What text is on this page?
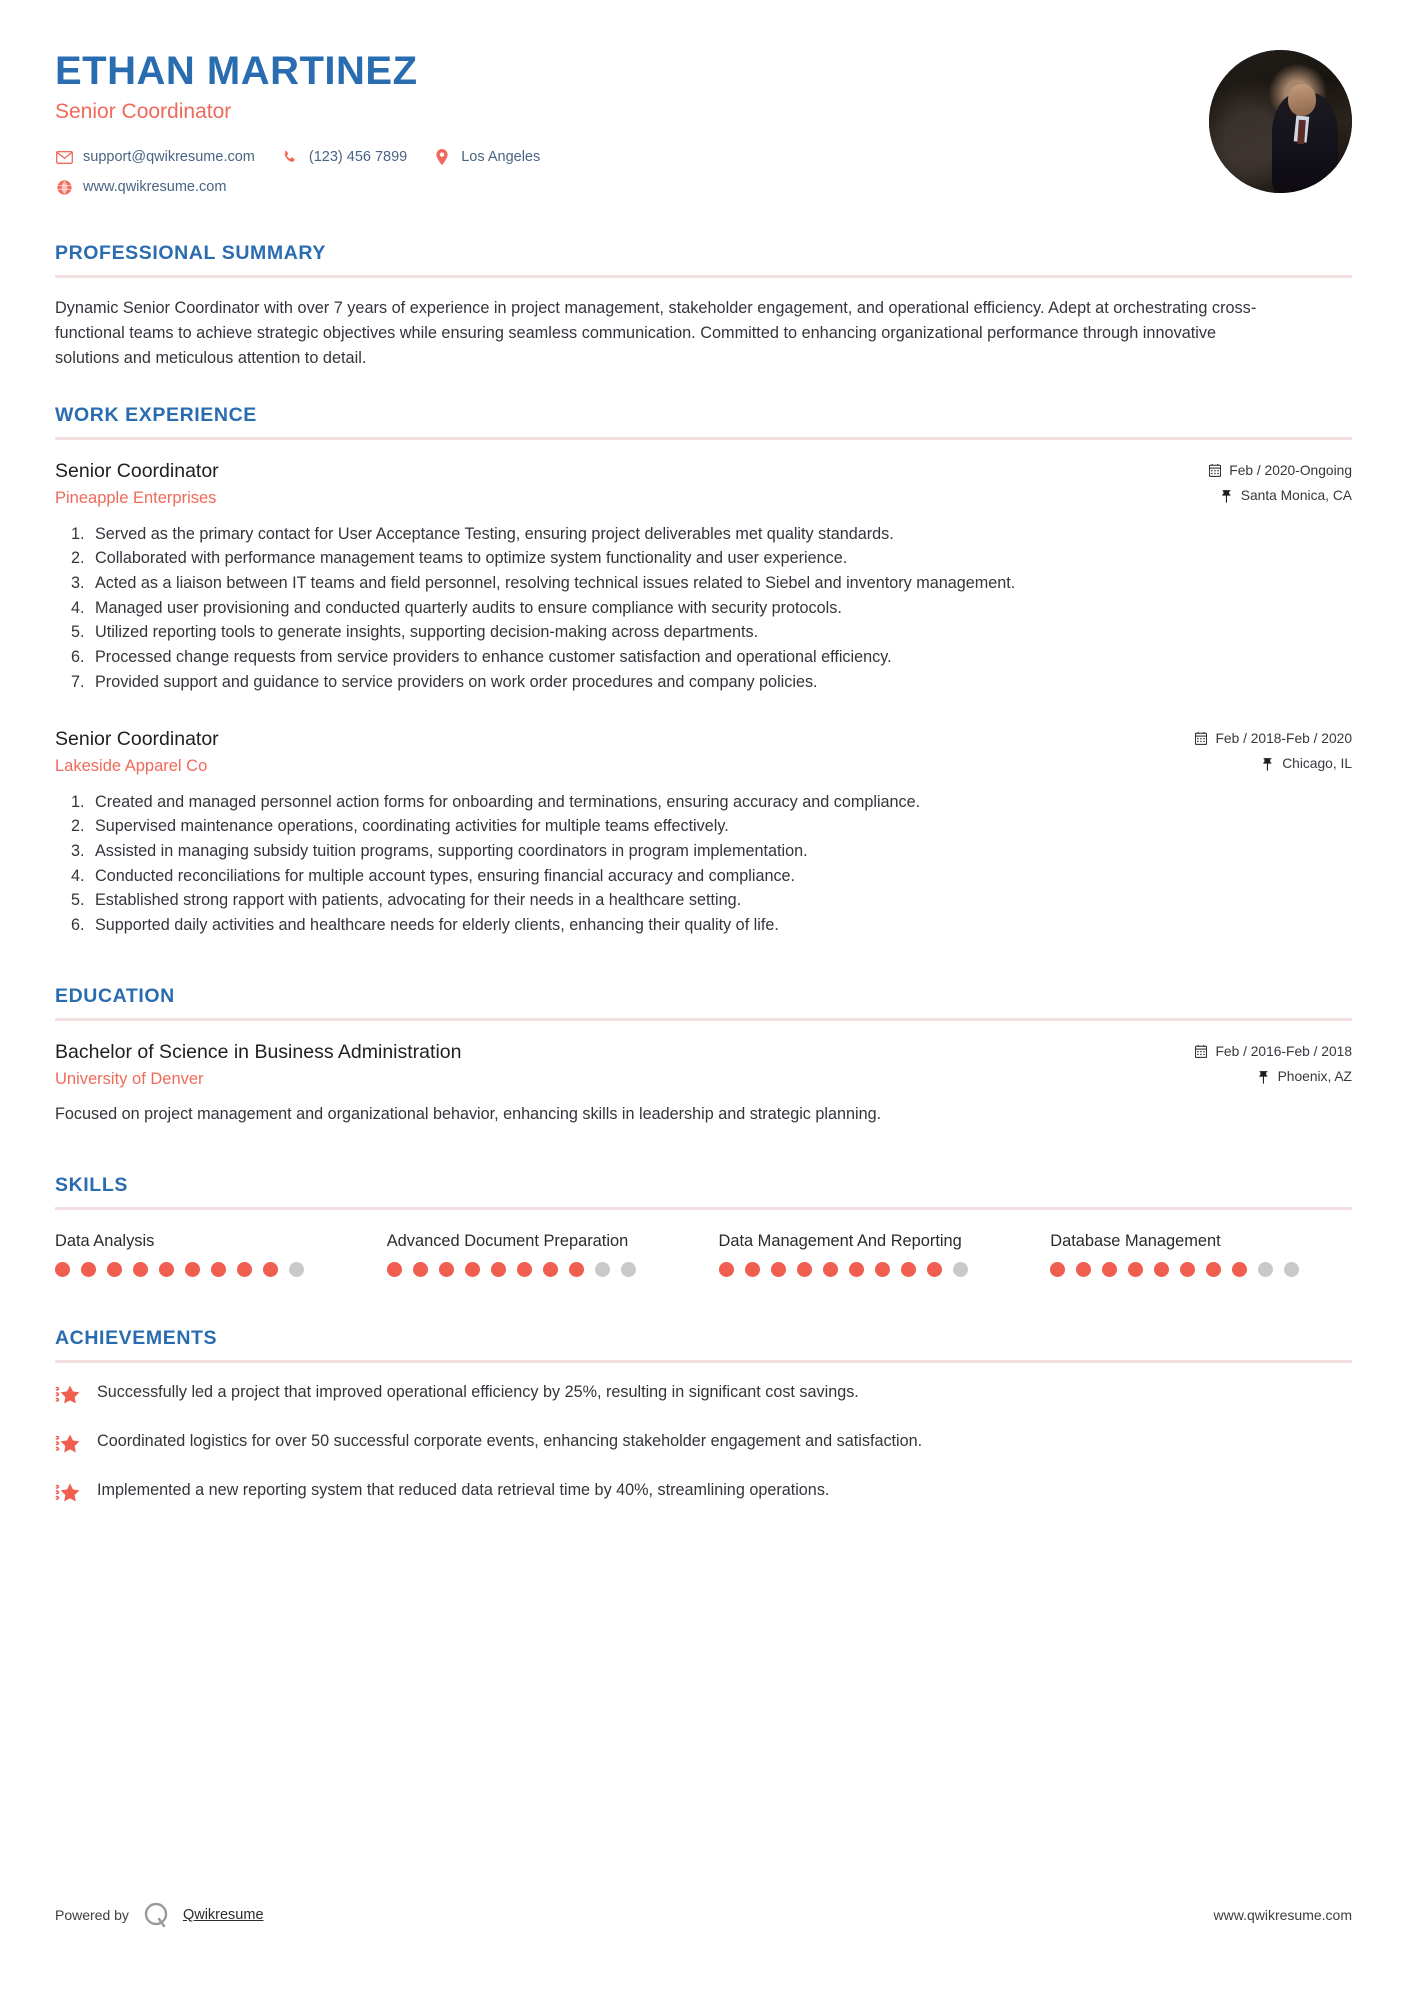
ETHAN MARTINEZ
Senior Coordinator
support@qwikresume.com	(123) 456 7899	Los Angeles
www.qwikresume.com
PROFESSIONAL SUMMARY

Dynamic Senior Coordinator with over 7 years of experience in project management, stakeholder engagement, and operational efficiency. Adept at orchestrating cross-functional teams to achieve strategic objectives while ensuring seamless communication. Committed to enhancing organizational performance through innovative solutions and meticulous attention to detail.

WORK EXPERIENCE
Senior Coordinator	Feb / 2020-Ongoing
Pineapple Enterprises	Santa Monica, CA
1. Served as the primary contact for User Acceptance Testing, ensuring project deliverables met quality standards.
2. Collaborated with performance management teams to optimize system functionality and user experience.
3. Acted as a liaison between IT teams and field personnel, resolving technical issues related to Siebel and inventory management.
4. Managed user provisioning and conducted quarterly audits to ensure compliance with security protocols.
5. Utilized reporting tools to generate insights, supporting decision-making across departments.
6. Processed change requests from service providers to enhance customer satisfaction and operational efficiency.
7. Provided support and guidance to service providers on work order procedures and company policies.
Senior Coordinator	Feb / 2018-Feb / 2020
Lakeside Apparel Co	Chicago, IL
1. Created and managed personnel action forms for onboarding and terminations, ensuring accuracy and compliance.
2. Supervised maintenance operations, coordinating activities for multiple teams effectively.
3. Assisted in managing subsidy tuition programs, supporting coordinators in program implementation.
4. Conducted reconciliations for multiple account types, ensuring financial accuracy and compliance.
5. Established strong rapport with patients, advocating for their needs in a healthcare setting.
6. Supported daily activities and healthcare needs for elderly clients, enhancing their quality of life.
EDUCATION
Bachelor of Science in Business Administration	Feb / 2016-Feb / 2018
University of Denver	Phoenix, AZ

Focused on project management and organizational behavior, enhancing skills in leadership and strategic planning.

SKILLS
Data Analysis	Advanced Document Preparation	Data Management And Reporting	Database Management
ACHIEVEMENTS
Successfully led a project that improved operational efficiency by 25%, resulting in significant cost savings.
Coordinated logistics for over 50 successful corporate events, enhancing stakeholder engagement and satisfaction.
Implemented a new reporting system that reduced data retrieval time by 40%, streamlining operations.
Powered by	Qwikresume	www.qwikresume.com
